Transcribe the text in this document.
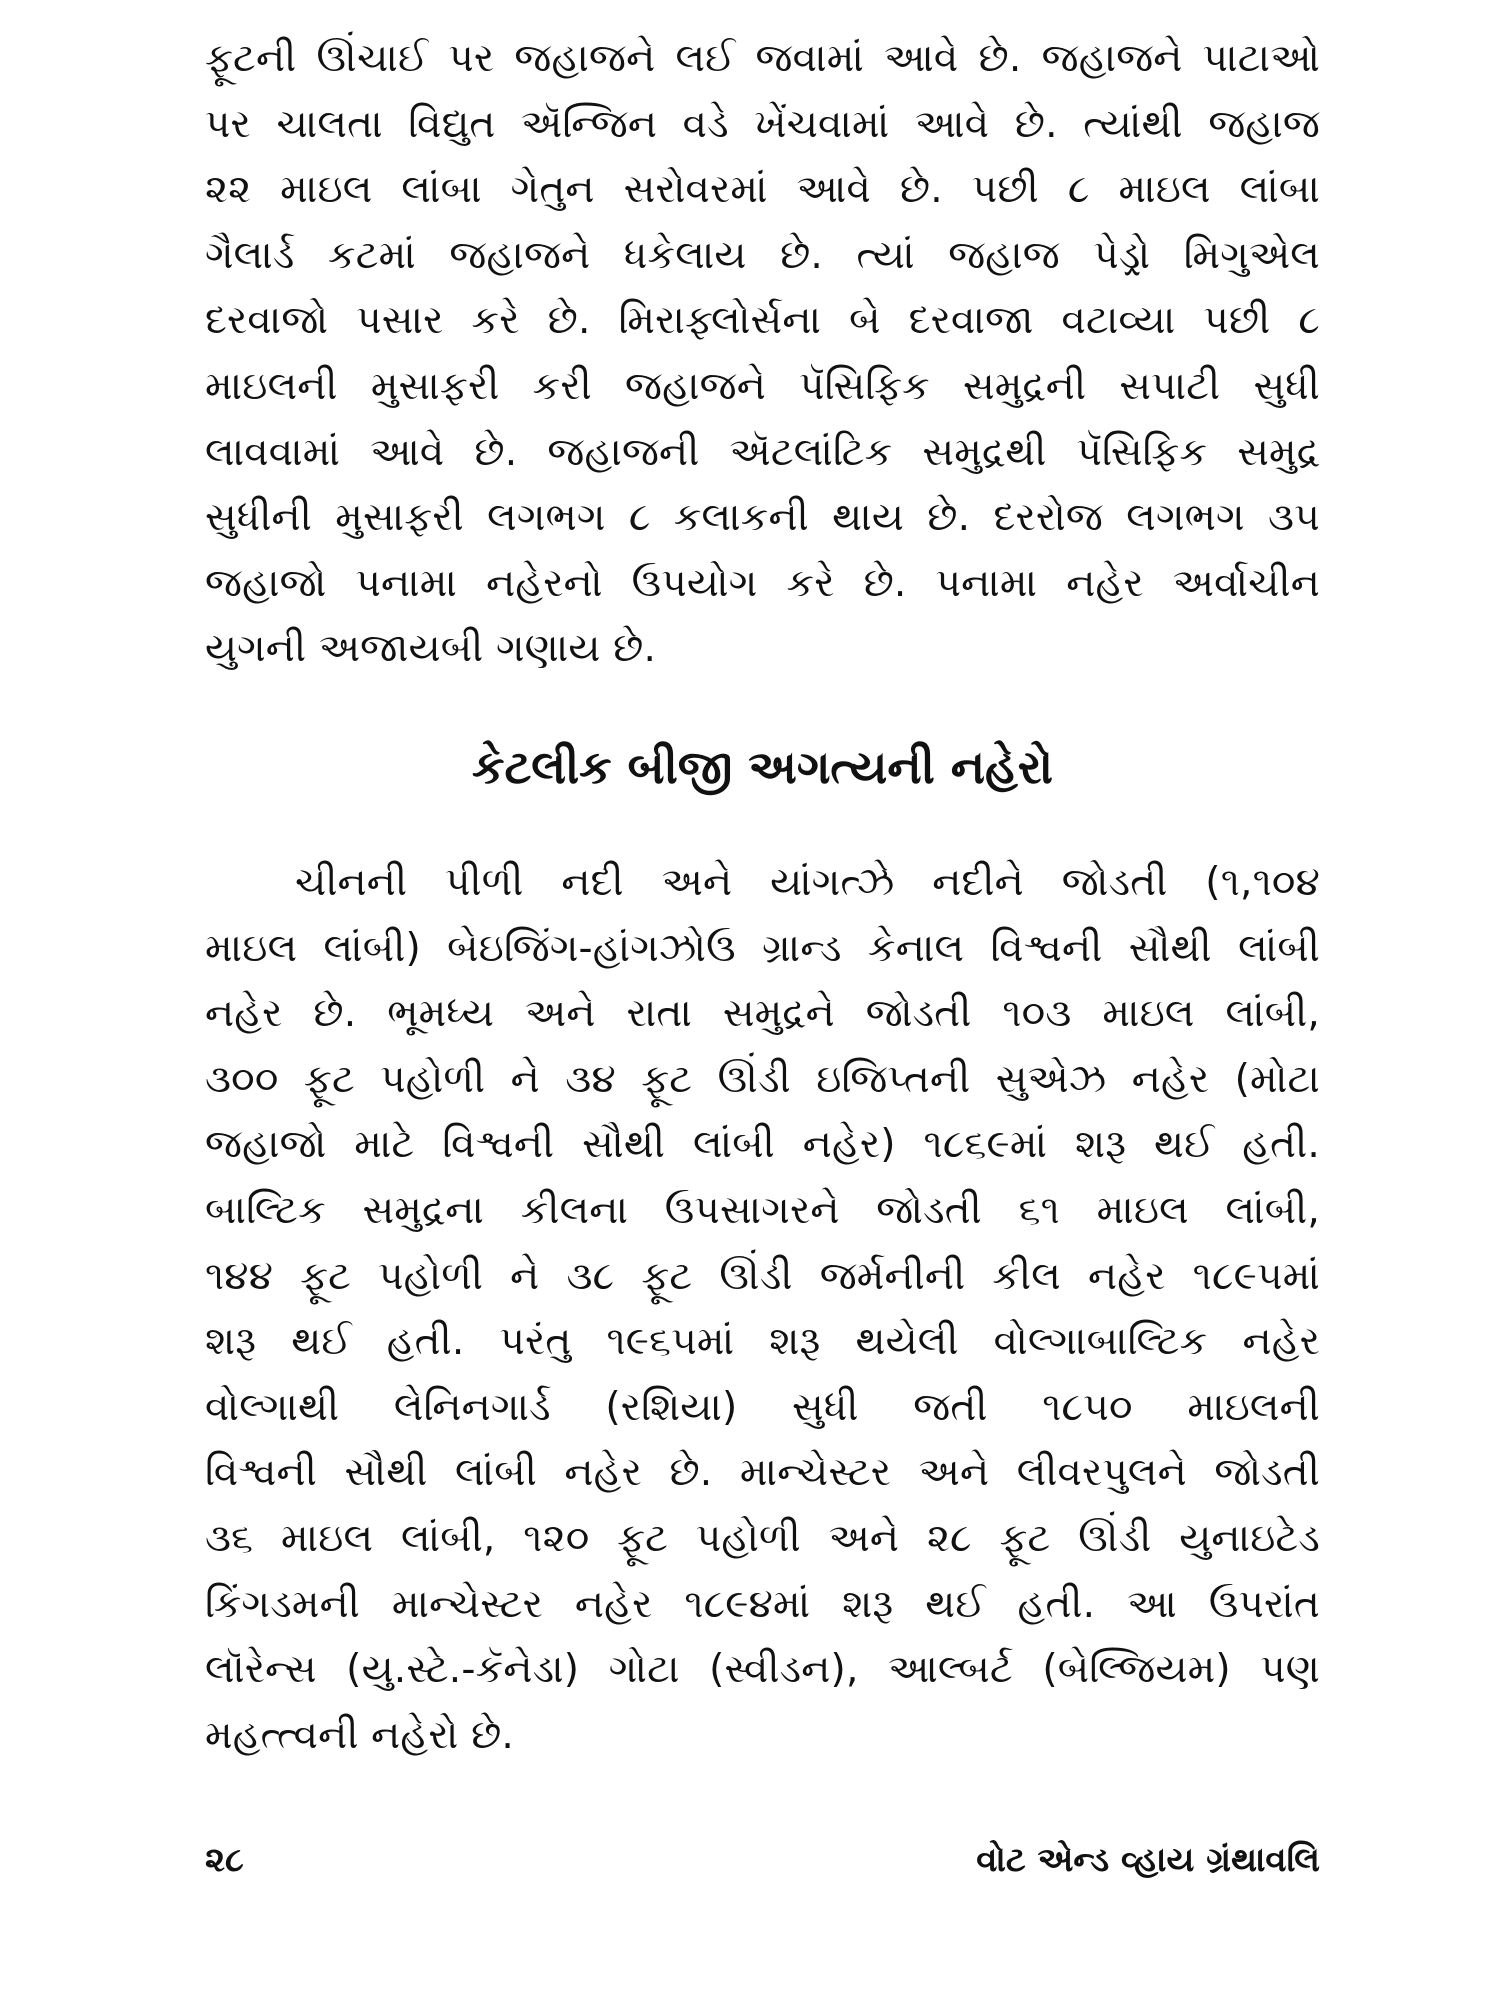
ફૂટની ઊંચાઈ પર જહાજને લઈ જવામાં આવે છે. જહાજને પાટાઓ
પર ચાલતા વિદ્યુત ઍન્જિન વડે ખેંચવામાં આવે છે. ત્યાંથી જહાજ
૨૨ માઇલ લાંબા ગેતુન સરોવરમાં આવે છે. પછી ૮ માઇલ લાંબા
ગૈલાર્ડ કટમાં જહાજને ધકેલાય છે. ત્યાં જહાજ પેડ્રો મિગુએલ
દરવાજો પસાર કરે છે. મિરાફ્લોર્સના બે દરવાજા વટાવ્યા પછી ૮
માઇલની મુસાફરી કરી જહાજને પૅસિફિક સમુદ્રની સપાટી સુધી
લાવવામાં આવે છે. જહાજની ઍટલાંટિક સમુદ્રથી પૅસિફિક સમુદ્ર
સુધીની મુસાફરી લગભગ ૮ કલાકની થાય છે. દરરોજ લગભગ ૩૫
જહાજો પનામા નહેરનો ઉપયોગ કરે છે. પનામા નહેર અર્વાચીન
યુગની અજાયબી ગણાય છે.
કેટલીક બીજી અગત્યની નહેરો
ચીનની પીળી નદી અને યાંગત્ઝે નદીને જોડતી (૧,૧૦૪
માઇલ લાંબી) બેઇજિંગ-હાંગઝોઉ ગ્રાન્ડ કેનાલ વિશ્વની સૌથી લાંબી
નહેર છે. ભૂમધ્ય અને રાતા સમુદ્રને જોડતી ૧૦૩ માઇલ લાંબી,
૩૦૦ ફૂટ પહોળી ને ૩૪ ફૂટ ઊંડી ઇજિપ્તની સુએઝ નહેર (મોટા
જહાજો માટે વિશ્વની સૌથી લાંબી નહેર) ૧૮૬૯માં શરૂ થઈ હતી.
બાલ્ટિક સમુદ્રના કીલના ઉપસાગરને જોડતી ૬૧ માઇલ લાંબી,
૧૪૪ ફૂટ પહોળી ને ૩૮ ફૂટ ઊંડી જર્મનીની કીલ નહેર ૧૮૯૫માં
શરૂ થઈ હતી. પરંતુ ૧૯૬૫માં શરૂ થયેલી વોલ્ગાબાલ્ટિક નહેર
વોલ્ગાથી લેનિનગાર્ડ (રશિયા) સુધી જતી ૧૮૫૦ માઇલની
વિશ્વની સૌથી લાંબી નહેર છે. માન્ચેસ્ટર અને લીવરપુલને જોડતી
૩૬ માઇલ લાંબી, ૧૨૦ ફૂટ પહોળી અને ૨૮ ફૂટ ઊંડી યુનાઇટેડ
કિંગડમની માન્ચેસ્ટર નહેર ૧૮૯૪માં શરૂ થઈ હતી. આ ઉપરાંત
લૉરેન્સ (યુ.સ્ટે.-કૅનેડા) ગોટા (સ્વીડન), આલ્બર્ટ (બેલ્જિયમ) પણ
મહત્ત્વની નહેરો છે.
૨૮	વોટ એન્ડ વ્હાય ગ્રંથાવલિ
